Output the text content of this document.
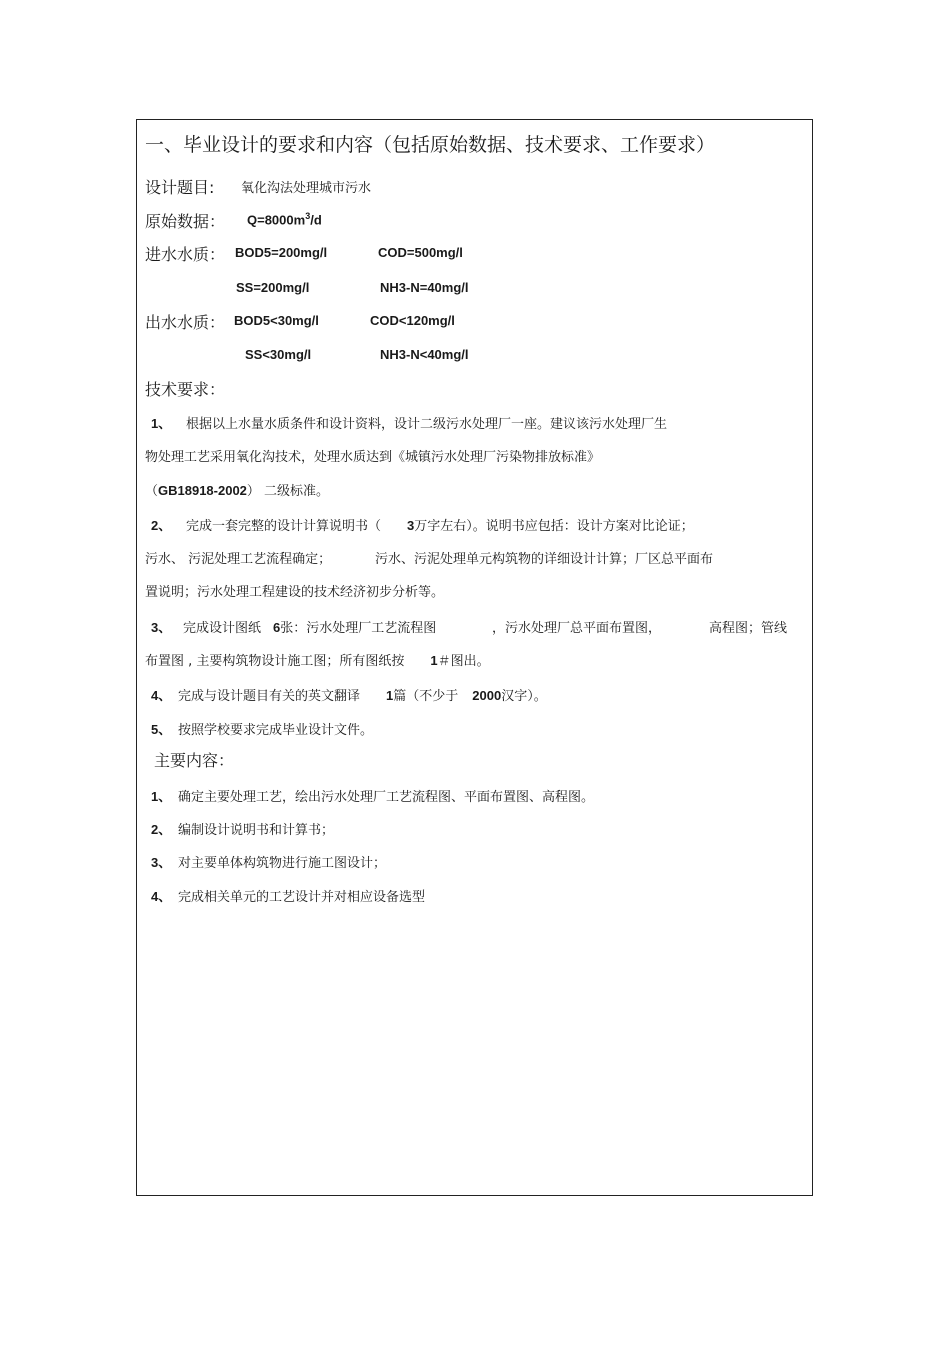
一、毕业设计的要求和内容（包括原始数据、技术要求、工作要求）
设计题目: 氧化沟法处理城市污水
原始数据： $Q=8000m^3/d$
进水水质： BOD5=200mg/l	COD=500mg/l
SS=200mg/l	NH3-N=40mg/l
出水水质： BOD5<30mg/l	COD<120mg/l
SS<30mg/l	NH3-N<40mg/l
技术要求：
1、 根据以上水量水质条件和设计资料，设计二级污水处理厂一座。建议该污水处理厂生
物处理工艺采用氧化沟技术，处理水质达到《城镇污水处理厂污染物排放标准》
（GB18918-2002） 二级标准。
2、 完成一套完整的设计计算说明书（ 3万字左右）。说明书应包括：设计方案对比论证；
污水、 污泥处理工艺流程确定；	污水、污泥处理单元构筑物的详细设计计算；厂区总平面布
置说明；污水处理工程建设的技术经济初步分析等。
3、 完成设计图纸 6张：污水处理厂工艺流程图	，污水处理厂总平面布置图，	高程图；管线
布置图 , 主要构筑物设计施工图；所有图纸按 1＃图出。
4、 完成与设计题目有关的英文翻译 1篇（不少于 2000汉字）。
5、 按照学校要求完成毕业设计文件。
主要内容：
1、 确定主要处理工艺，绘出污水处理厂工艺流程图、平面布置图、高程图。
2、 编制设计说明书和计算书；
3、 对主要单体构筑物进行施工图设计；
4、 完成相关单元的工艺设计并对相应设备选型
